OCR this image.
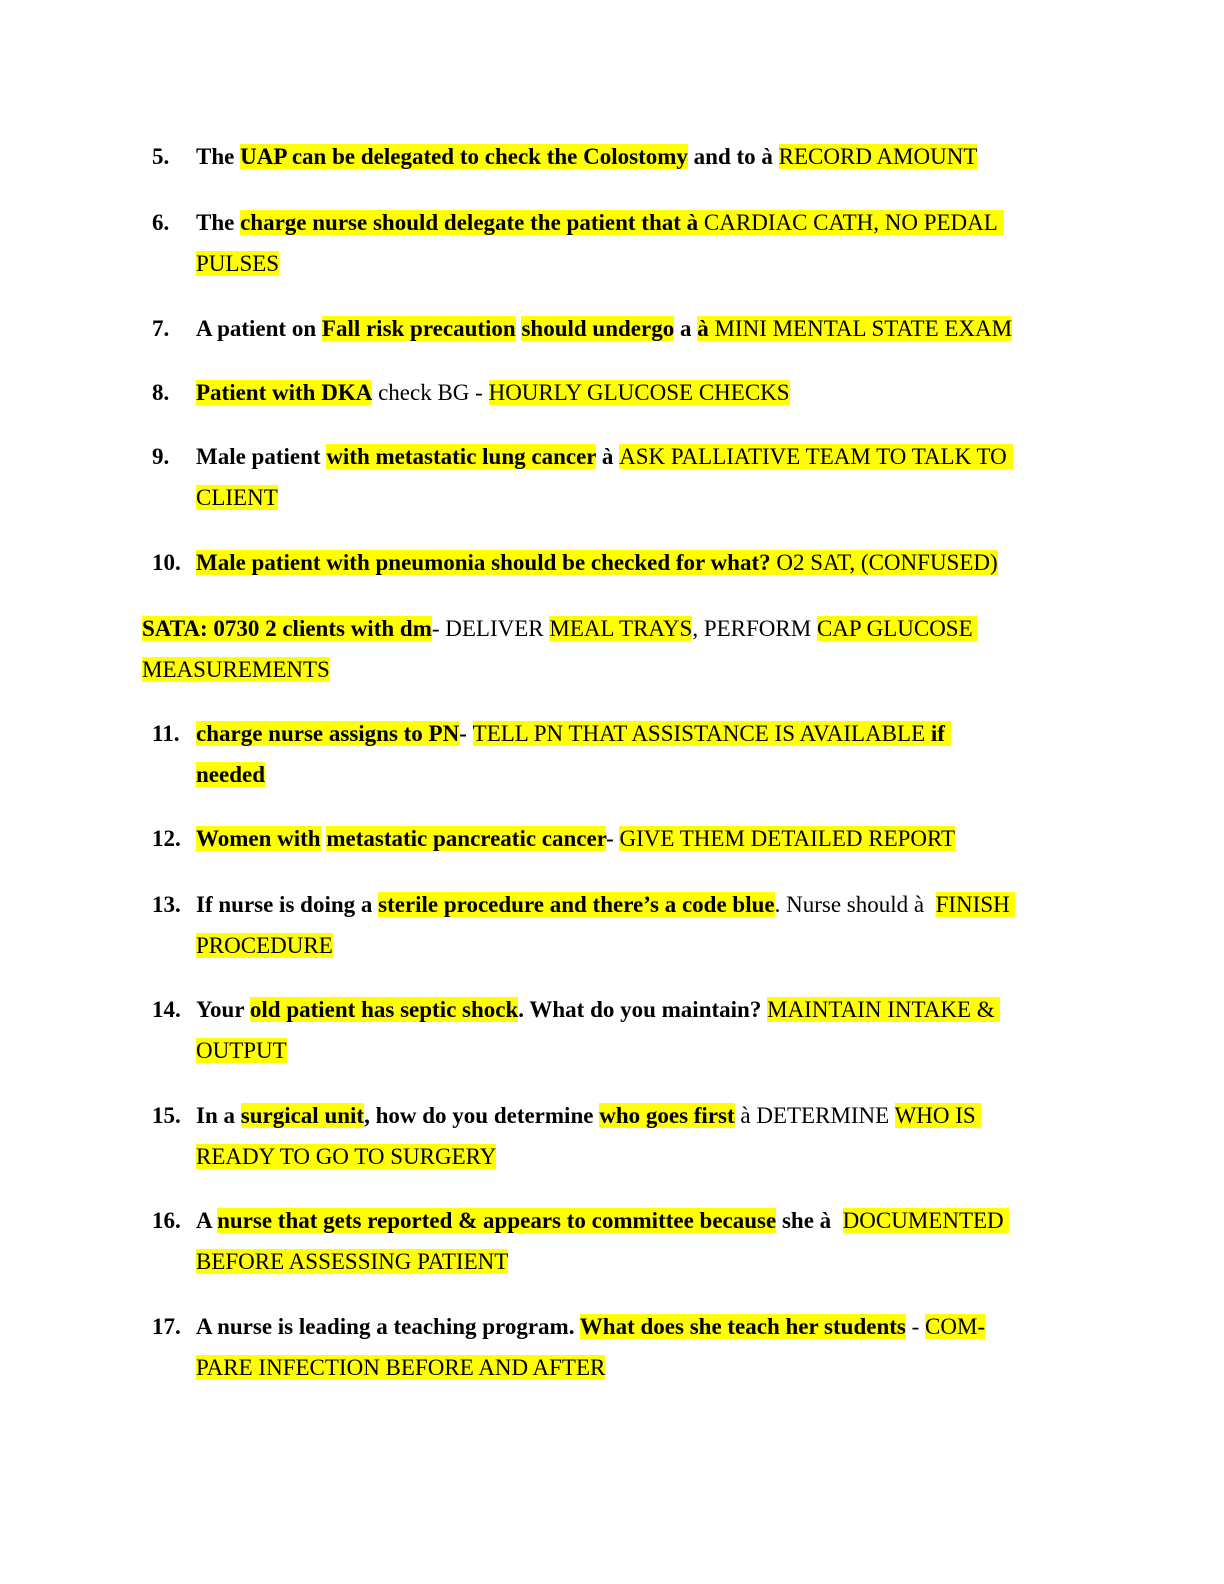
5. The UAP can be delegated to check the Colostomy and to à RECORD AMOUNT
6. The charge nurse should delegate the patient that à CARDIAC CATH, NO PEDAL PULSES
7. A patient on Fall risk precaution should undergo a à MINI MENTAL STATE EXAM
8. Patient with DKA check BG - HOURLY GLUCOSE CHECKS
9. Male patient with metastatic lung cancer à ASK PALLIATIVE TEAM TO TALK TO CLIENT
10. Male patient with pneumonia should be checked for what? O2 SAT, (CONFUSED)
SATA: 0730 2 clients with dm- DELIVER MEAL TRAYS, PERFORM CAP GLUCOSE MEASUREMENTS
11. charge nurse assigns to PN- TELL PN THAT ASSISTANCE IS AVAILABLE if needed
12. Women with metastatic pancreatic cancer- GIVE THEM DETAILED REPORT
13. If nurse is doing a sterile procedure and there’s a code blue. Nurse should à  FINISH PROCEDURE
14. Your old patient has septic shock. What do you maintain? MAINTAIN INTAKE & OUTPUT
15. In a surgical unit, how do you determine who goes first à DETERMINE WHO IS READY TO GO TO SURGERY
16. A nurse that gets reported & appears to committee because she à  DOCUMENTED BEFORE ASSESSING PATIENT
17. A nurse is leading a teaching program. What does she teach her students - COM-PARE INFECTION BEFORE AND AFTER
